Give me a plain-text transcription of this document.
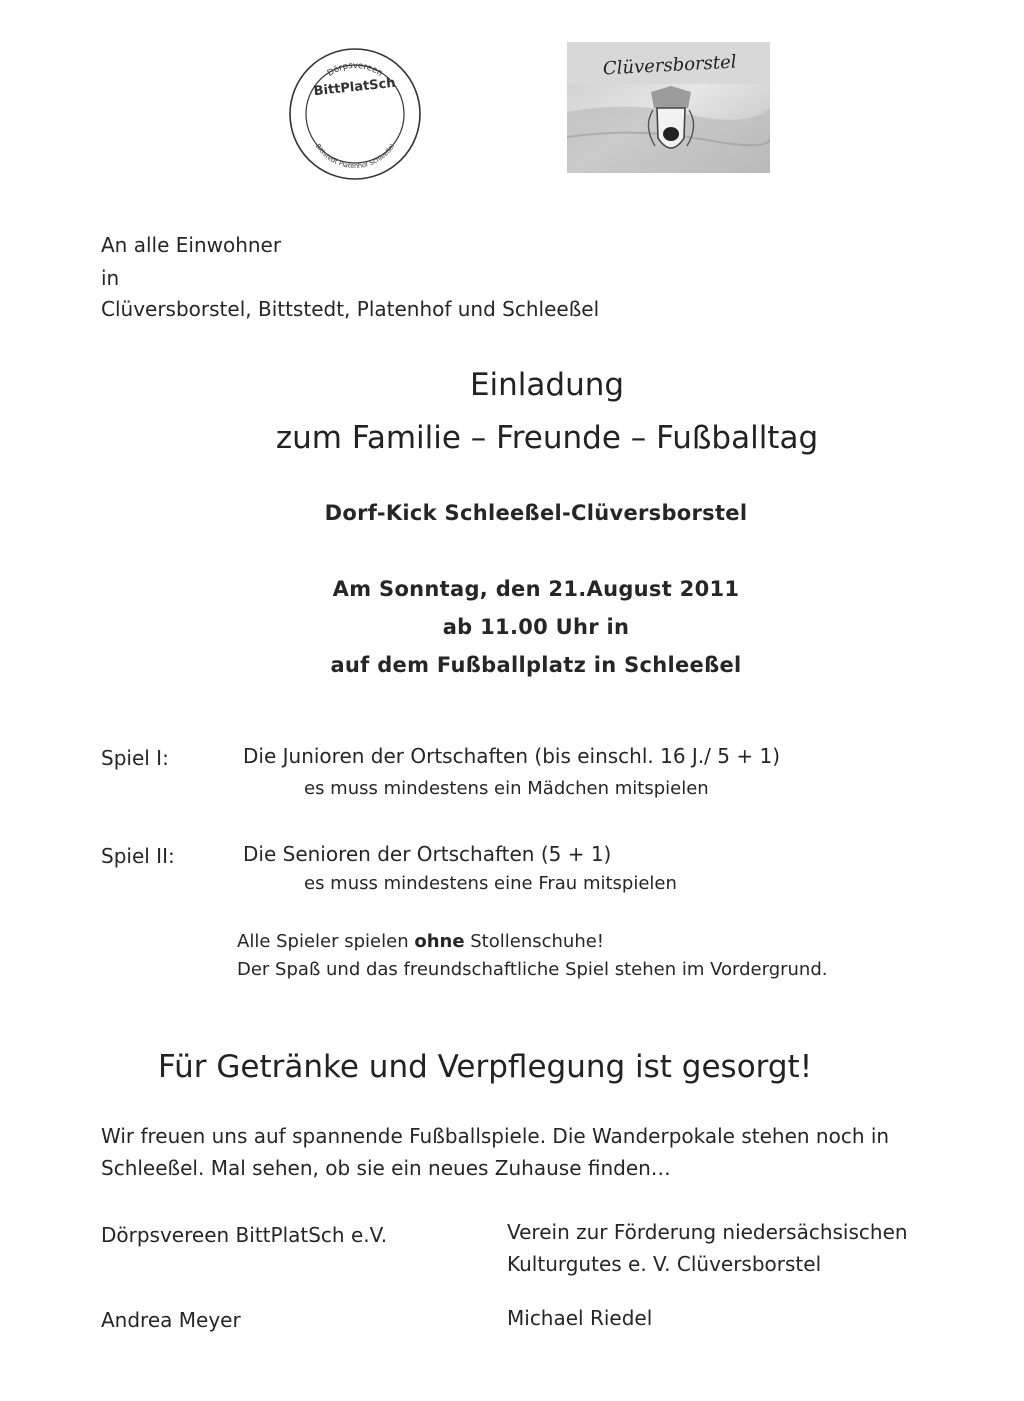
Dörpsvereen
BittPlatSch
Bittstedt Platenhof Schleeßel
Clüversborstel
An alle Einwohner
in
Clüversborstel, Bittstedt, Platenhof und Schleeßel
Einladung
zum Familie – Freunde – Fußballtag
Dorf-Kick Schleeßel-Clüversborstel
Am Sonntag, den 21.August 2011
ab 11.00 Uhr in
auf dem Fußballplatz in Schleeßel
Spiel I:	Die Junioren der Ortschaften (bis einschl. 16 J./ 5 + 1)
es muss mindestens ein Mädchen mitspielen
Spiel II:	Die Senioren der Ortschaften (5 + 1)
es muss mindestens eine Frau mitspielen
Alle Spieler spielen ohne Stollenschuhe!
Der Spaß und das freundschaftliche Spiel stehen im Vordergrund.
Für Getränke und Verpflegung ist gesorgt!
Wir freuen uns auf spannende Fußballspiele. Die Wanderpokale stehen noch in
Schleeßel. Mal sehen, ob sie ein neues Zuhause finden…
Dörpsvereen BittPlatSch e.V.	Verein zur Förderung niedersächsischen
Kulturgutes e. V. Clüversborstel
Andrea Meyer	Michael Riedel
